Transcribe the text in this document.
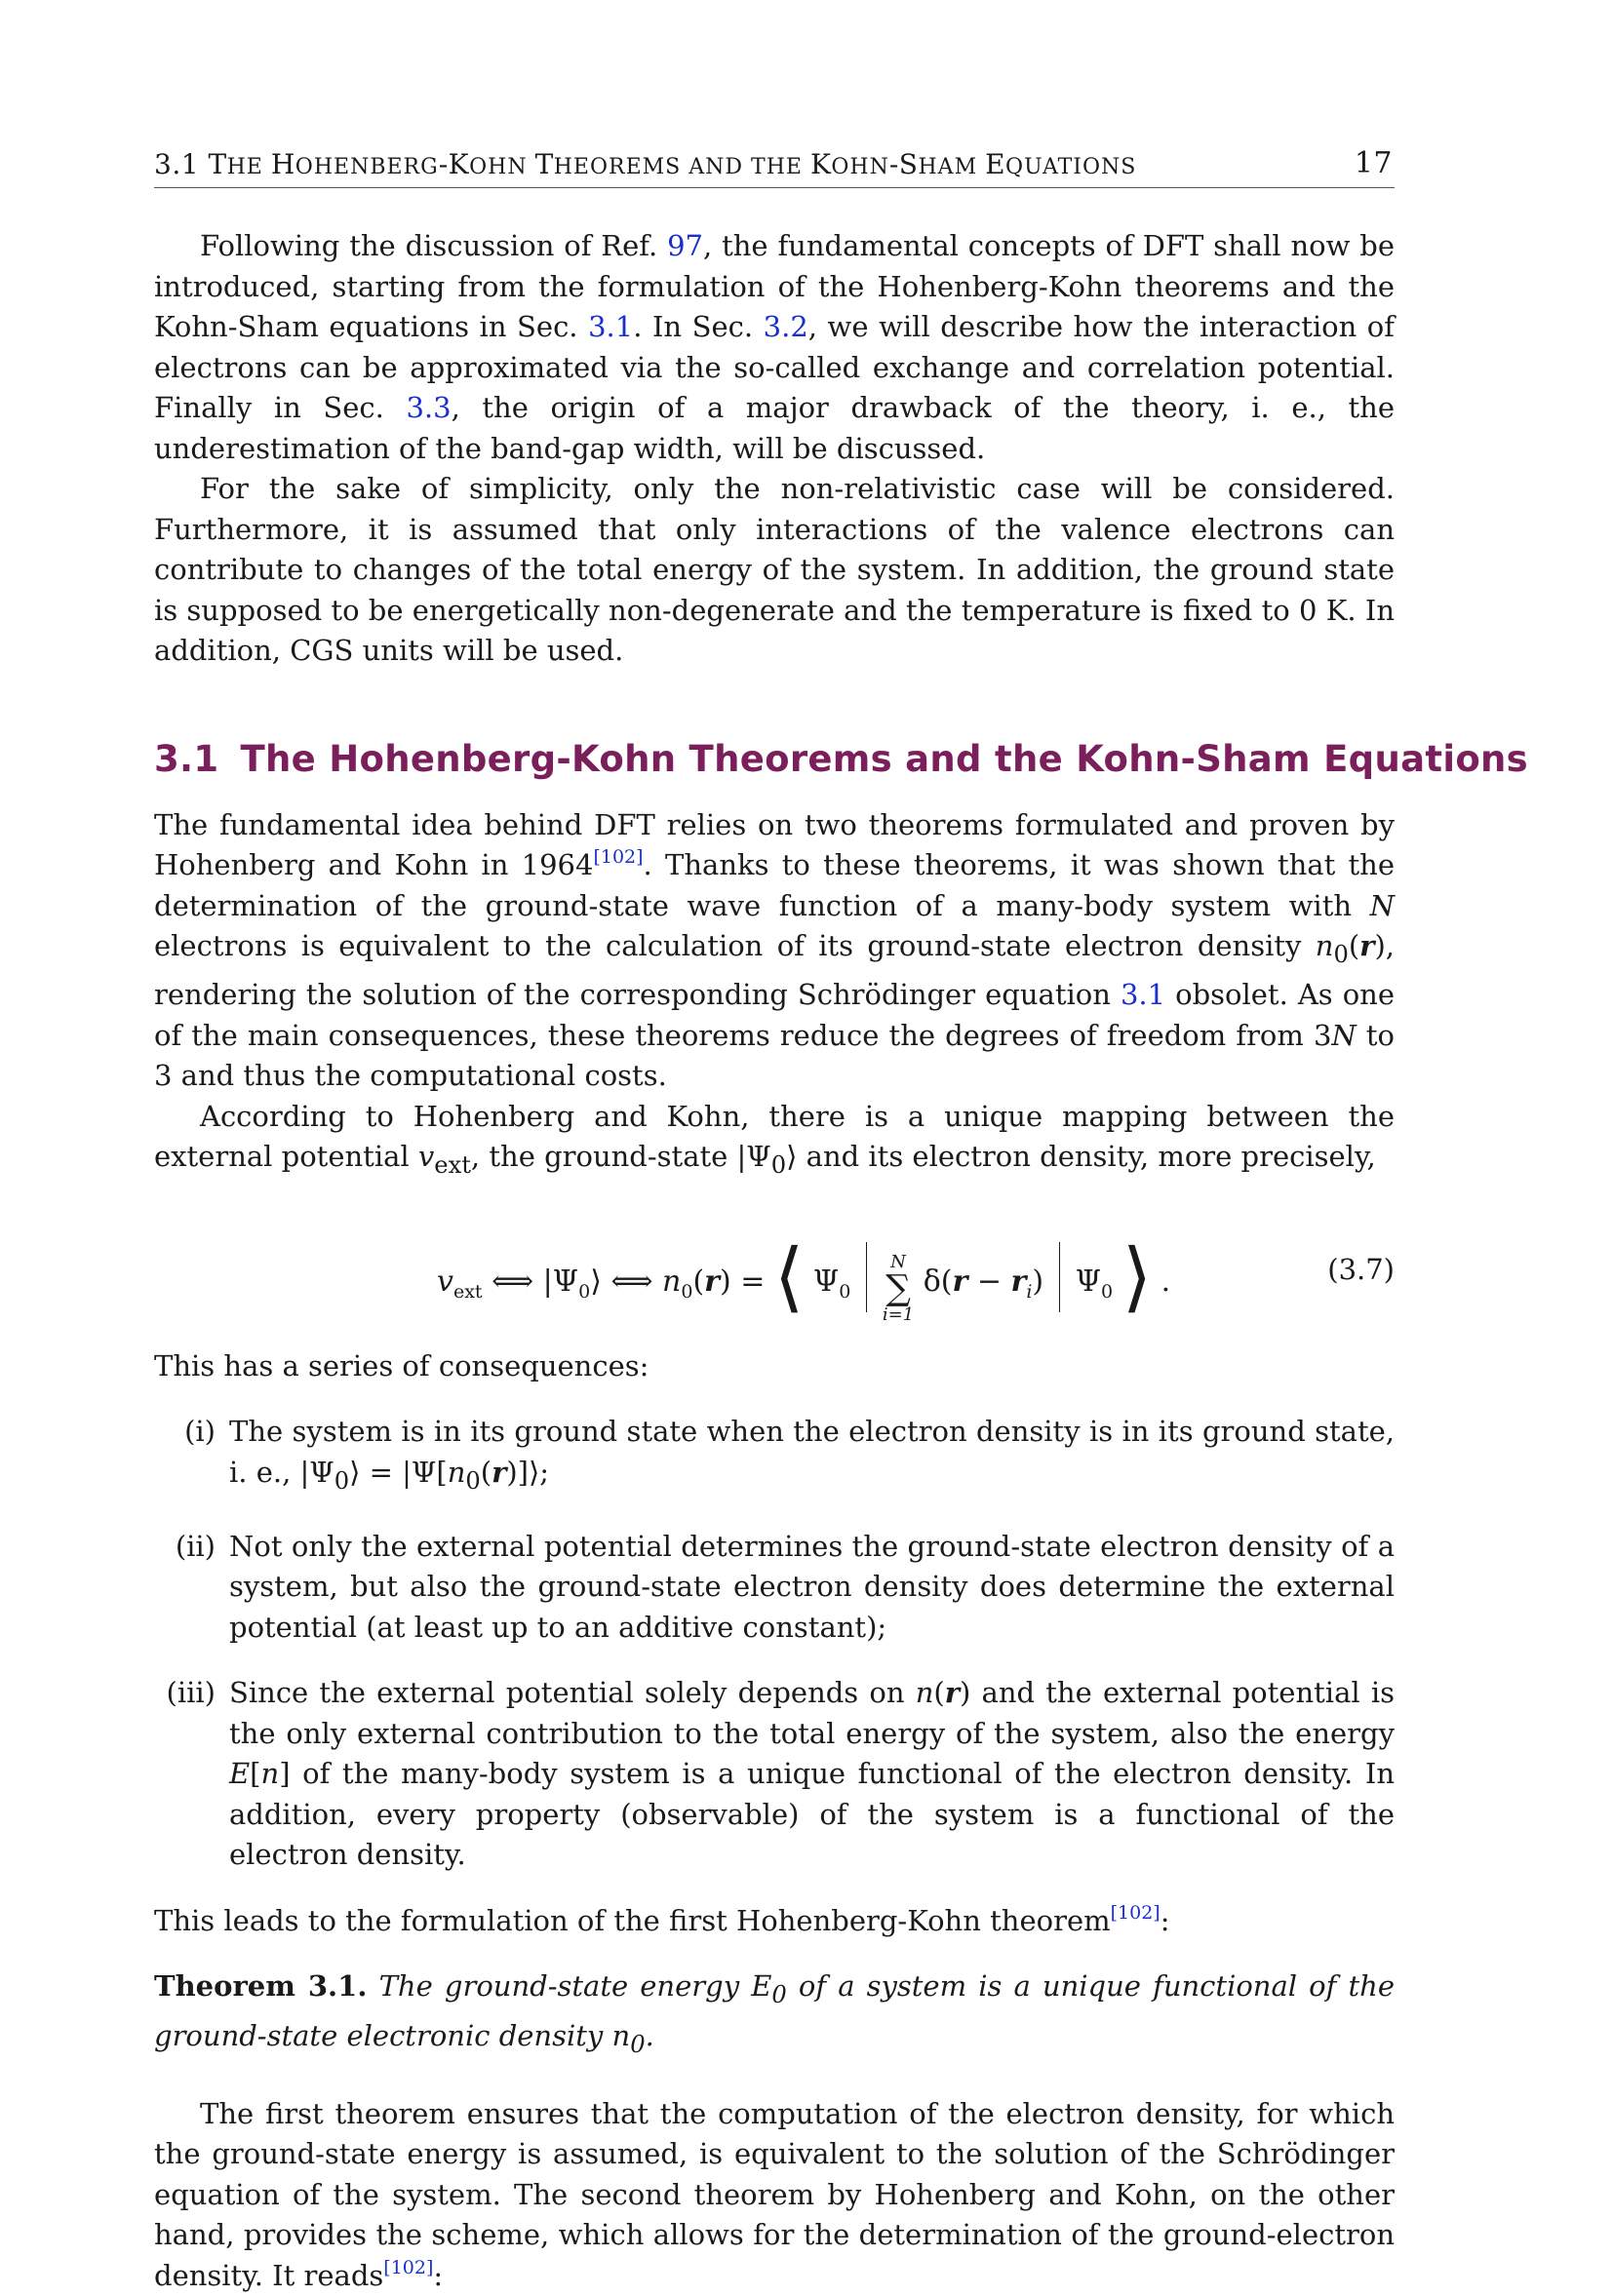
3.1 THE HOHENBERG-KOHN THEOREMS AND THE KOHN-SHAM EQUATIONS	17

Following the discussion of Ref. 97, the fundamental concepts of DFT shall now be introduced, starting from the formulation of the Hohenberg-Kohn theorems and the Kohn-Sham equations in Sec. 3.1. In Sec. 3.2, we will describe how the interaction of electrons can be approximated via the so-called exchange and correlation potential. Finally in Sec. 3.3, the origin of a major drawback of the theory, i. e., the underestimation of the band-gap width, will be discussed.

For the sake of simplicity, only the non-relativistic case will be considered. Furthermore, it is assumed that only interactions of the valence electrons can contribute to changes of the total energy of the system. In addition, the ground state is supposed to be energetically non-degenerate and the temperature is fixed to 0 K. In addition, CGS units will be used.

3.1 The Hohenberg-Kohn Theorems and the Kohn-Sham Equations

The fundamental idea behind DFT relies on two theorems formulated and proven by Hohenberg and Kohn in 1964[102]. Thanks to these theorems, it was shown that the determination of the ground-state wave function of a many-body system with N electrons is equivalent to the calculation of its ground-state electron density $n_0(r)$, rendering the solution of the corresponding Schrödinger equation 3.1 obsolet. As one of the main consequences, these theorems reduce the degrees of freedom from 3N to 3 and thus the computational costs.

According to Hohenberg and Kohn, there is a unique mapping between the external potential $v_{ext}$, the ground-state $|\Psi_0⟩$ and its electron density, more precisely,

$v_{ext}$ ⟺ $|\Psi_0⟩$ ⟺ $n_0(r)$ = ⟨ $\Psi_0$
N
∑
i=1
$\delta(r - r_i)$ $\Psi_0$ ⟩ .	(3.7)

This has a series of consequences:

(i) The system is in its ground state when the electron density is in its ground state, i. e., $|\Psi_0⟩$ = $|\Psi[n_0(r)]⟩$;
(ii) Not only the external potential determines the ground-state electron density of a system, but also the ground-state electron density does determine the external potential (at least up to an additive constant);
(iii) Since the external potential solely depends on n(r) and the external potential is the only external contribution to the total energy of the system, also the energy E[n] of the many-body system is a unique functional of the electron density. In addition, every property (observable) of the system is a functional of the electron density.

This leads to the formulation of the first Hohenberg-Kohn theorem[102]:

Theorem 3.1. The ground-state energy $E_0$ of a system is a unique functional of the ground-state electronic density $n_0$.

The first theorem ensures that the computation of the electron density, for which the ground-state energy is assumed, is equivalent to the solution of the Schrödinger equation of the system. The second theorem by Hohenberg and Kohn, on the other hand, provides the scheme, which allows for the determination of the ground-electron density. It reads[102]:
